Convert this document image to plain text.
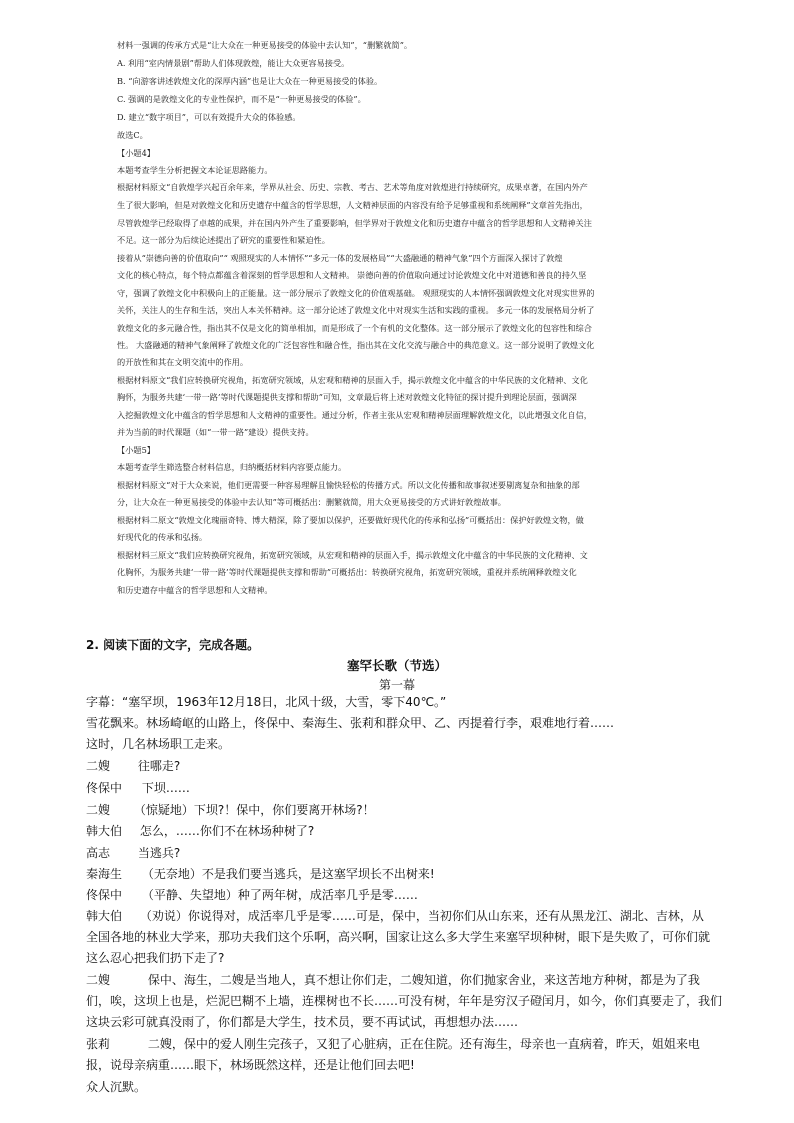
材料一强调的传承方式是“让大众在一种更易接受的体验中去认知”，“删繁就简”。
A. 利用“室内情景剧”帮助人们体现敦煌，能让大众更容易接受。
B. “向游客讲述敦煌文化的深厚内涵”也是让大众在一种更易接受的体验。
C. 强调的是敦煌文化的专业性保护，而不是“一种更易接受的体验”。
D. 建立“数字项目”，可以有效提升大众的体验感。
故选C。
【小题4】
本题考查学生分析把握文本论证思路能力。
根据材料原文“自敦煌学兴起百余年来，学界从社会、历史、宗教、考古、艺术等角度对敦煌进行持续研究，成果卓著，在国内外产
生了很大影响，但是对敦煌文化和历史遗存中蕴含的哲学思想，人文精神层面的内容没有给予足够重视和系统阐释”文章首先指出，
尽管敦煌学已经取得了卓越的成果，并在国内外产生了重要影响，但学界对于敦煌文化和历史遗存中蕴含的哲学思想和人文精神关注
不足。这一部分为后续论述提出了研究的重要性和紧迫性。
接着从“崇德向善的价值取向”“ 观照现实的人本情怀”“多元一体的发展格局”“大盛融通的精神气象”四个方面深入探讨了敦煌
文化的核心特点，每个特点都蕴含着深刻的哲学思想和人文精神。 崇德向善的价值取向通过讨论敦煌文化中对道德和善良的持久坚
守，强调了敦煌文化中积极向上的正能量。这一部分展示了敦煌文化的价值观基础。 观照现实的人本情怀强调敦煌文化对现实世界的
关怀，关注人的生存和生活，突出人本关怀精神。这一部分论述了敦煌文化中对现实生活和实践的重视。 多元一体的发展格局分析了
敦煌文化的多元融合性，指出其不仅是文化的简单相加，而是形成了一个有机的文化整体。这一部分展示了敦煌文化的包容性和综合
性。 大盛融通的精神气象阐释了敦煌文化的广泛包容性和融合性，指出其在文化交流与融合中的典范意义。这一部分说明了敦煌文化
的开放性和其在文明交流中的作用。
根据材料原文“我们应转换研究视角，拓宽研究领域，从宏观和精神的层面入手，揭示敦煌文化中蕴含的中华民族的文化精神、文化
胸怀，为服务共建‘一带一路’等时代课题提供支撑和帮助”可知，文章最后将上述对敦煌文化特征的探讨提升到理论层面，强调深
入挖掘敦煌文化中蕴含的哲学思想和人文精神的重要性。通过分析，作者主张从宏观和精神层面理解敦煌文化，以此增强文化自信，
并为当前的时代课题（如“一带一路”建设）提供支持。
【小题5】
本题考查学生筛选整合材料信息，归纳概括材料内容要点能力。
根据材料原文“对于大众来说，他们更需要一种容易理解且愉快轻松的传播方式。所以文化传播和故事叙述要剔离复杂和抽象的部
分，让大众在一种更易接受的体验中去认知”等可概括出：删繁就简，用大众更易接受的方式讲好敦煌故事。
根据材料二原文“敦煌文化瑰丽奇特、博大精深，除了要加以保护，还要做好现代化的传承和弘扬”可概括出：保护好敦煌文物，做
好现代化的传承和弘扬。
根据材料三原文“我们应转换研究视角，拓宽研究领域，从宏观和精神的层面入手，揭示敦煌文化中蕴含的中华民族的文化精神、文
化胸怀，为服务共建‘一带一路’等时代课题提供支撑和帮助”可概括出：转换研究视角，拓宽研究领域，重视并系统阐释敦煌文化
和历史遗存中蕴含的哲学思想和人文精神。
2. 阅读下面的文字，完成各题。
塞罕长歌（节选）
第一幕
字幕：“塞罕坝，1963年12月18日，北风十级，大雪，零下40℃。”
雪花飘来。林场崎岖的山路上，佟保中、秦海生、张莉和群众甲、乙、丙提着行李，艰难地行着……
这时，几名林场职工走来。
二嫂 往哪走?
佟保中 下坝……
二嫂 （惊疑地）下坝?！保中，你们要离开林场?！
韩大伯 怎么，……你们不在林场种树了?
高志 当逃兵?
秦海生 （无奈地）不是我们要当逃兵，是这塞罕坝长不出树来!
佟保中 （平静、失望地）种了两年树，成活率几乎是零……
韩大伯 （劝说）你说得对，成活率几乎是零……可是，保中，当初你们从山东来，还有从黑龙江、湖北、吉林，从
全国各地的林业大学来，那功夫我们这个乐啊，高兴啊，国家让这么多大学生来塞罕坝种树，眼下是失败了，可你们就
这么忍心把我们扔下走了?
二嫂	保中、海生，二嫂是当地人，真不想让你们走，二嫂知道，你们抛家舍业，来这苦地方种树，都是为了我
们，唉，这坝上也是，烂泥巴糊不上墙，连棵树也不长……可没有树，年年是穷汉子磴闰月，如今，你们真要走了，我们
这块云彩可就真没雨了，你们都是大学生，技术员，要不再试试，再想想办法……
张莉	二嫂，保中的爱人刚生完孩子，又犯了心脏病，正在住院。还有海生，母亲也一直病着，昨天，姐姐来电
报，说母亲病重……眼下，林场既然这样，还是让他们回去吧!
众人沉默。
